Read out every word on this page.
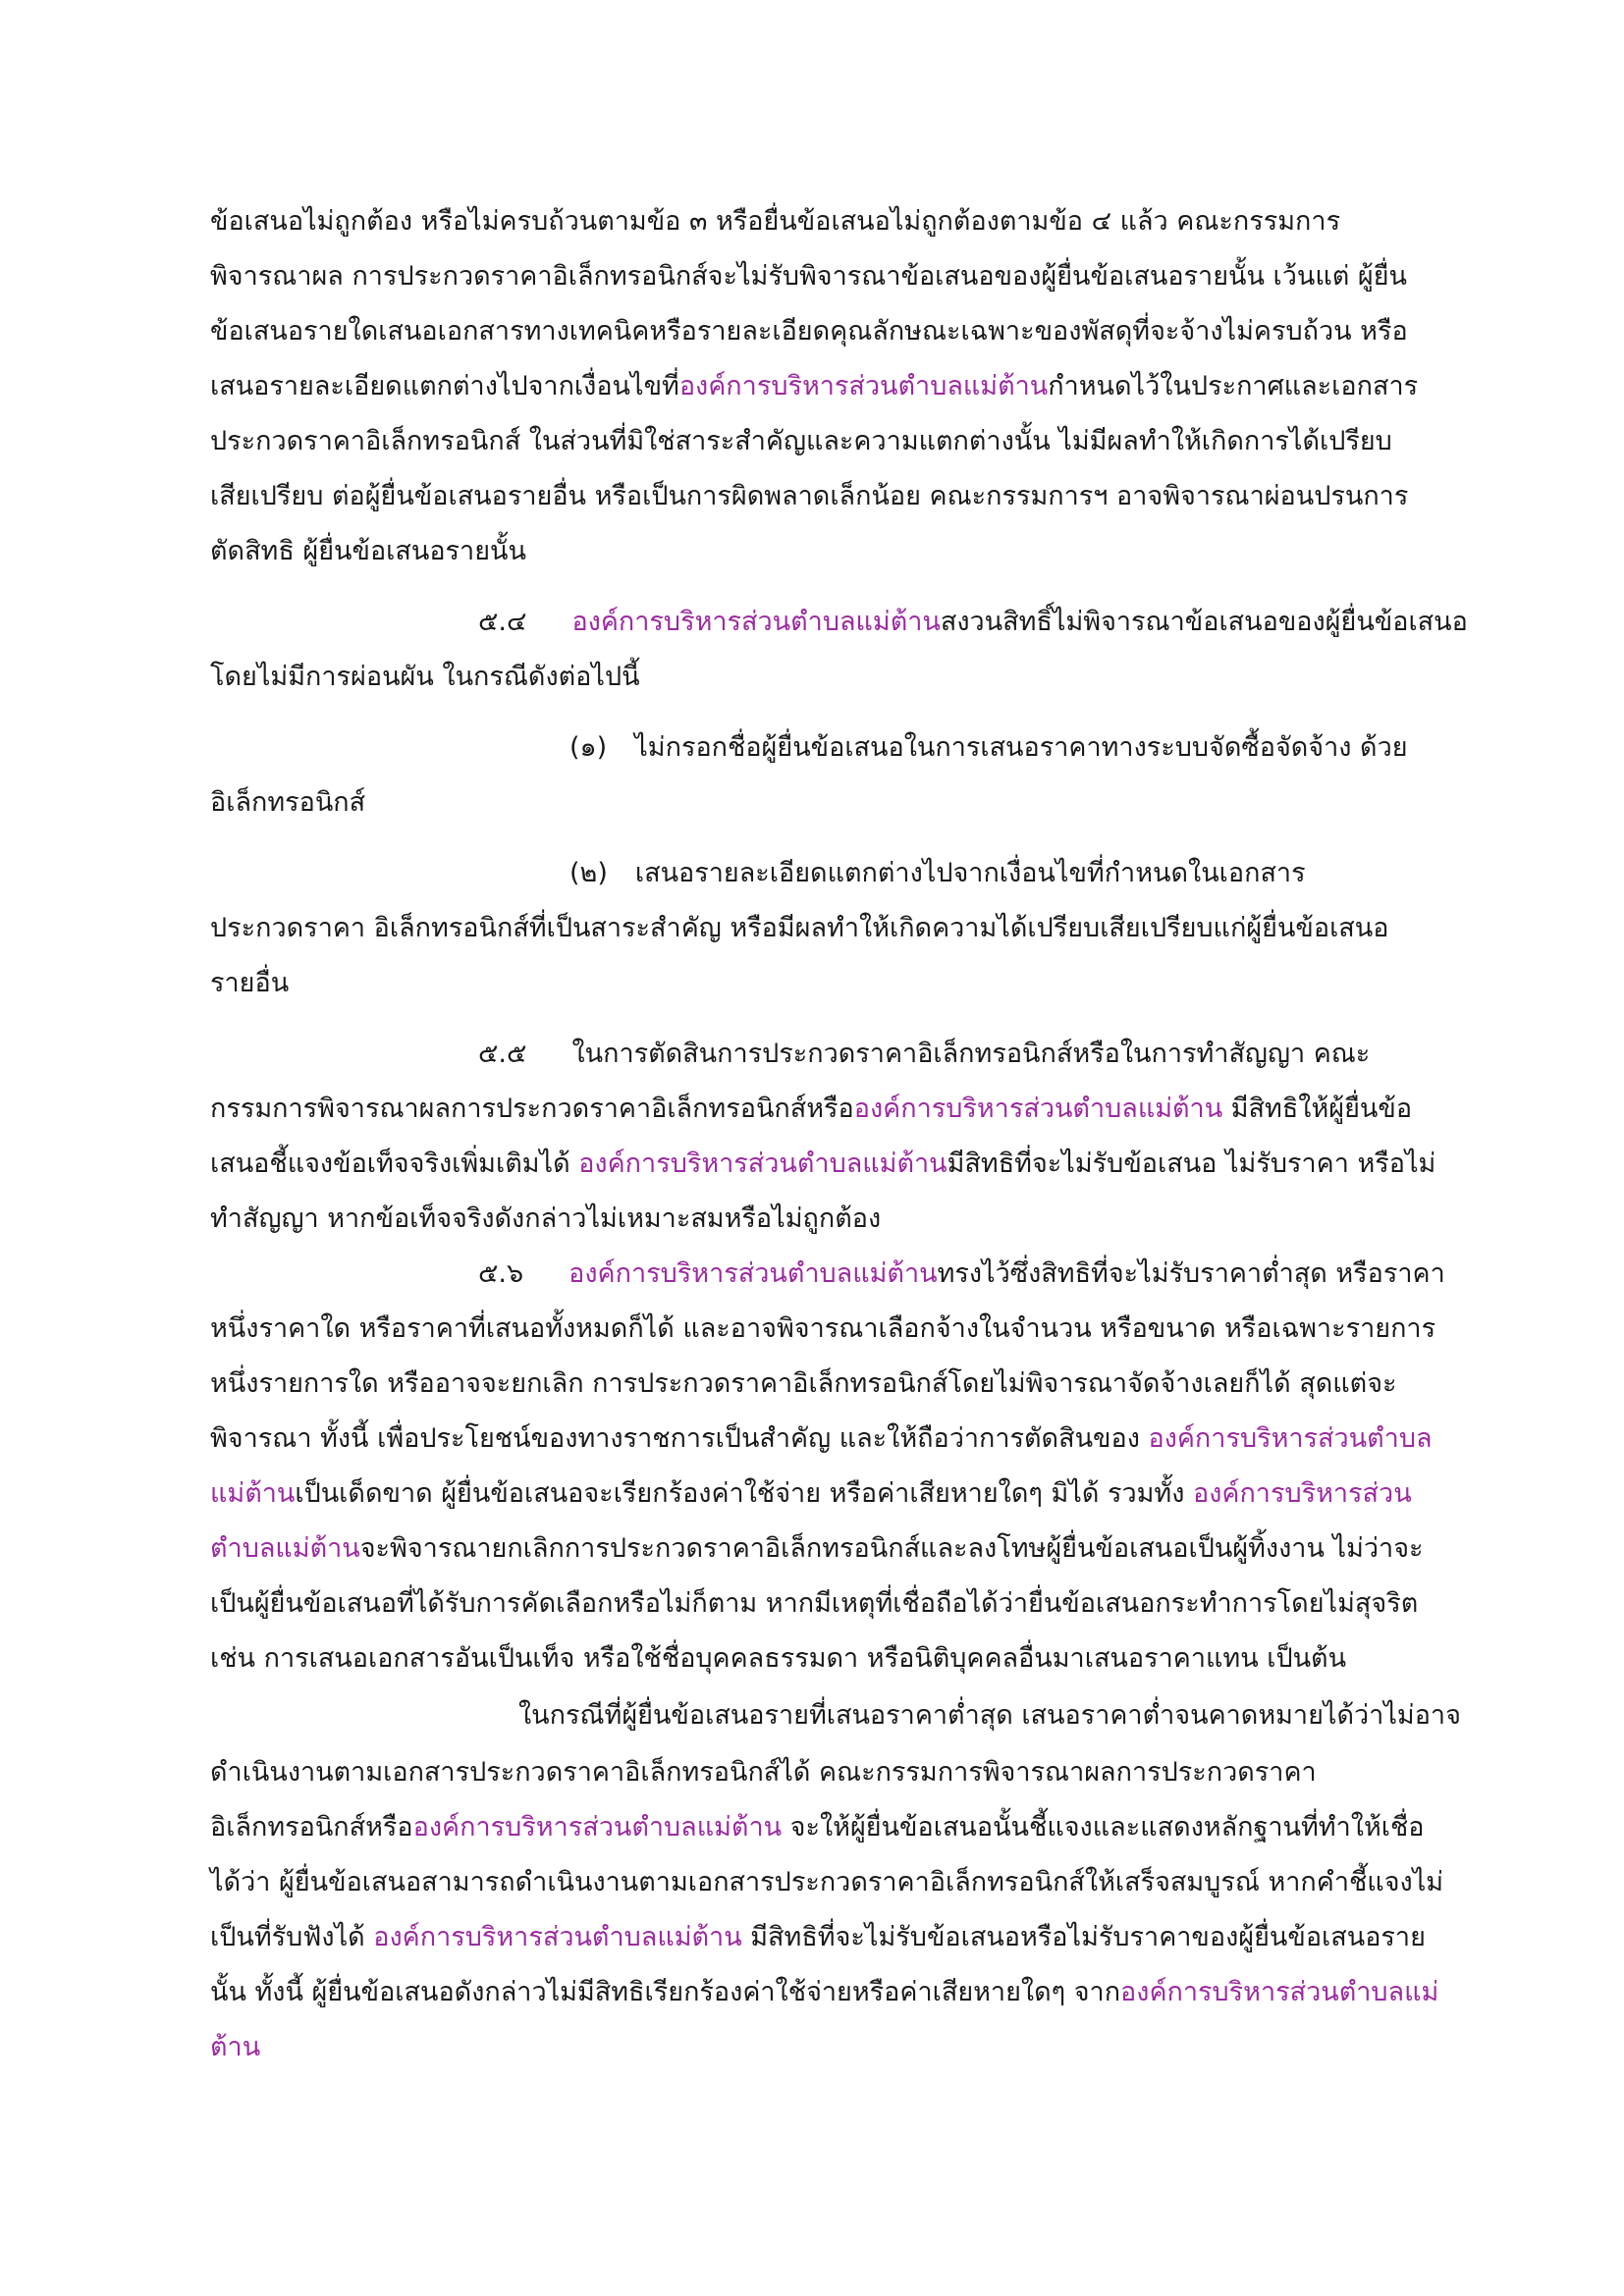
ข้อเสนอไม่ถูกต้อง หรือไม่ครบถ้วนตามข้อ ๓ หรือยื่นข้อเสนอไม่ถูกต้องตามข้อ ๔ แล้ว คณะกรรมการ
พิจารณาผล การประกวดราคาอิเล็กทรอนิกส์จะไม่รับพิจารณาข้อเสนอของผู้ยื่นข้อเสนอรายนั้น เว้นแต่ ผู้ยื่น
ข้อเสนอรายใดเสนอเอกสารทางเทคนิคหรือรายละเอียดคุณลักษณะเฉพาะของพัสดุที่จะจ้างไม่ครบถ้วน หรือ
เสนอรายละเอียดแตกต่างไปจากเงื่อนไขที่องค์การบริหารส่วนตำบลแม่ต้านกำหนดไว้ในประกาศและเอกสาร
ประกวดราคาอิเล็กทรอนิกส์ ในส่วนที่มิใช่สาระสำคัญและความแตกต่างนั้น ไม่มีผลทำให้เกิดการได้เปรียบ
เสียเปรียบ ต่อผู้ยื่นข้อเสนอรายอื่น หรือเป็นการผิดพลาดเล็กน้อย คณะกรรมการฯ อาจพิจารณาผ่อนปรนการ
ตัดสิทธิ ผู้ยื่นข้อเสนอรายนั้น
๕.๔ องค์การบริหารส่วนตำบลแม่ต้านสงวนสิทธิ์ไม่พิจารณาข้อเสนอของผู้ยื่นข้อเสนอ
โดยไม่มีการผ่อนผัน ในกรณีดังต่อไปนี้
(๑) ไม่กรอกชื่อผู้ยื่นข้อเสนอในการเสนอราคาทางระบบจัดซื้อจัดจ้าง ด้วย
อิเล็กทรอนิกส์
(๒) เสนอรายละเอียดแตกต่างไปจากเงื่อนไขที่กำหนดในเอกสาร
ประกวดราคา อิเล็กทรอนิกส์ที่เป็นสาระสำคัญ หรือมีผลทำให้เกิดความได้เปรียบเสียเปรียบแก่ผู้ยื่นข้อเสนอ
รายอื่น
๕.๕ ในการตัดสินการประกวดราคาอิเล็กทรอนิกส์หรือในการทำสัญญา คณะ
กรรมการพิจารณาผลการประกวดราคาอิเล็กทรอนิกส์หรือองค์การบริหารส่วนตำบลแม่ต้าน มีสิทธิให้ผู้ยื่นข้อ
เสนอชี้แจงข้อเท็จจริงเพิ่มเติมได้ องค์การบริหารส่วนตำบลแม่ต้านมีสิทธิที่จะไม่รับข้อเสนอ ไม่รับราคา หรือไม่
ทำสัญญา หากข้อเท็จจริงดังกล่าวไม่เหมาะสมหรือไม่ถูกต้อง
๕.๖ องค์การบริหารส่วนตำบลแม่ต้านทรงไว้ซึ่งสิทธิที่จะไม่รับราคาต่ำสุด หรือราคา
หนึ่งราคาใด หรือราคาที่เสนอทั้งหมดก็ได้ และอาจพิจารณาเลือกจ้างในจำนวน หรือขนาด หรือเฉพาะรายการ
หนึ่งรายการใด หรืออาจจะยกเลิก การประกวดราคาอิเล็กทรอนิกส์โดยไม่พิจารณาจัดจ้างเลยก็ได้ สุดแต่จะ
พิจารณา ทั้งนี้ เพื่อประโยชน์ของทางราชการเป็นสำคัญ และให้ถือว่าการตัดสินของ องค์การบริหารส่วนตำบล
แม่ต้านเป็นเด็ดขาด ผู้ยื่นข้อเสนอจะเรียกร้องค่าใช้จ่าย หรือค่าเสียหายใดๆ มิได้ รวมทั้ง องค์การบริหารส่วน
ตำบลแม่ต้านจะพิจารณายกเลิกการประกวดราคาอิเล็กทรอนิกส์และลงโทษผู้ยื่นข้อเสนอเป็นผู้ทิ้งงาน ไม่ว่าจะ
เป็นผู้ยื่นข้อเสนอที่ได้รับการคัดเลือกหรือไม่ก็ตาม หากมีเหตุที่เชื่อถือได้ว่ายื่นข้อเสนอกระทำการโดยไม่สุจริต
เช่น การเสนอเอกสารอันเป็นเท็จ หรือใช้ชื่อบุคคลธรรมดา หรือนิติบุคคลอื่นมาเสนอราคาแทน เป็นต้น
ในกรณีที่ผู้ยื่นข้อเสนอรายที่เสนอราคาต่ำสุด เสนอราคาต่ำจนคาดหมายได้ว่าไม่อาจ
ดำเนินงานตามเอกสารประกวดราคาอิเล็กทรอนิกส์ได้ คณะกรรมการพิจารณาผลการประกวดราคา
อิเล็กทรอนิกส์หรือองค์การบริหารส่วนตำบลแม่ต้าน จะให้ผู้ยื่นข้อเสนอนั้นชี้แจงและแสดงหลักฐานที่ทำให้เชื่อ
ได้ว่า ผู้ยื่นข้อเสนอสามารถดำเนินงานตามเอกสารประกวดราคาอิเล็กทรอนิกส์ให้เสร็จสมบูรณ์ หากคำชี้แจงไม่
เป็นที่รับฟังได้ องค์การบริหารส่วนตำบลแม่ต้าน มีสิทธิที่จะไม่รับข้อเสนอหรือไม่รับราคาของผู้ยื่นข้อเสนอราย
นั้น ทั้งนี้ ผู้ยื่นข้อเสนอดังกล่าวไม่มีสิทธิเรียกร้องค่าใช้จ่ายหรือค่าเสียหายใดๆ จากองค์การบริหารส่วนตำบลแม่
ต้าน
